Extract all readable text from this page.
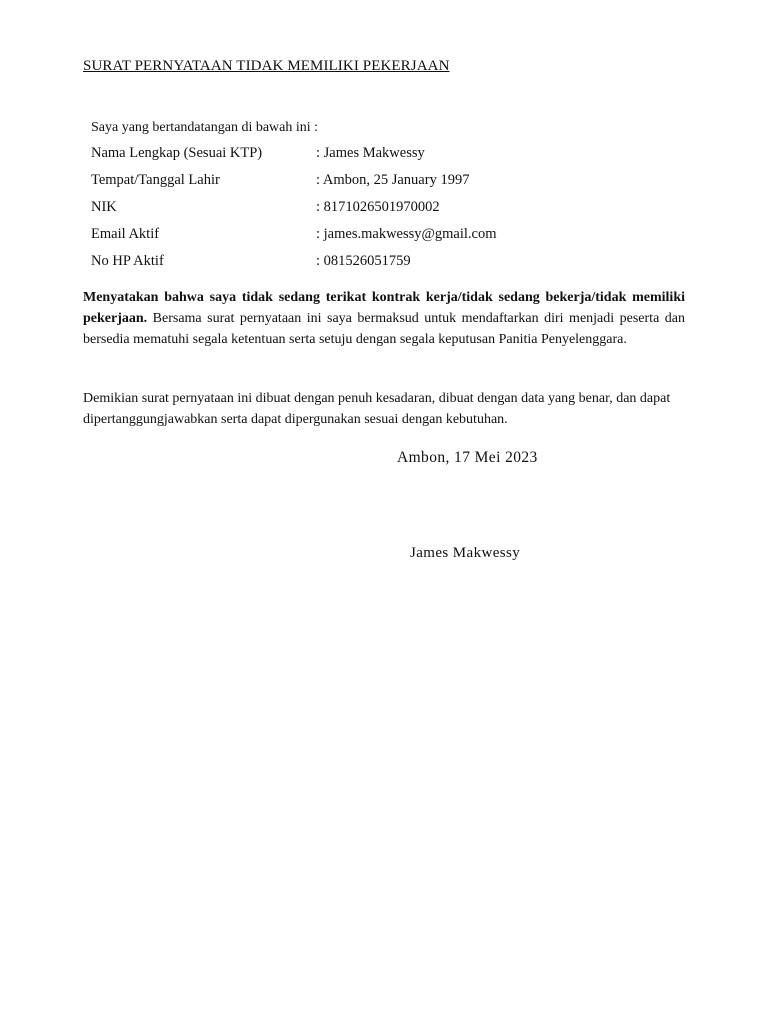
SURAT PERNYATAAN TIDAK MEMILIKI PEKERJAAN
Saya yang bertandatangan di bawah ini :
Nama Lengkap (Sesuai KTP)	: James Makwessy
Tempat/Tanggal Lahir	: Ambon, 25 January 1997
NIK	: 8171026501970002
Email Aktif	: james.makwessy@gmail.com
No HP Aktif	: 081526051759
Menyatakan bahwa saya tidak sedang terikat kontrak kerja/tidak sedang bekerja/tidak memiliki pekerjaan. Bersama surat pernyataan ini saya bermaksud untuk mendaftarkan diri menjadi peserta dan bersedia mematuhi segala ketentuan serta setuju dengan segala keputusan Panitia Penyelenggara.
Demikian surat pernyataan ini dibuat dengan penuh kesadaran, dibuat dengan data yang benar, dan dapat dipertanggungjawabkan serta dapat dipergunakan sesuai dengan kebutuhan.
Ambon, 17 Mei 2023
James Makwessy
